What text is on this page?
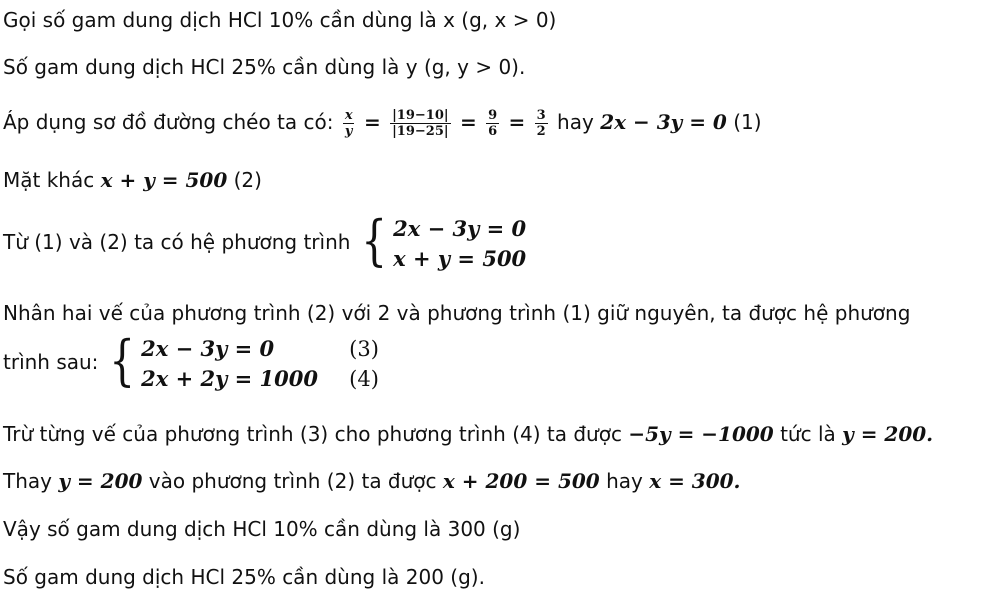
Gọi số gam dung dịch HCl 10% cần dùng là x (g, x > 0)
Số gam dung dịch HCl 25% cần dùng là y (g, y > 0).
Áp dụng sơ đồ đường chéo ta có: $\frac{x}{y} = \frac{|19-10|}{|19-25|} = \frac{9}{6} = \frac{3}{2}$ hay 2x − 3y = 0 (1)
Mặt khác x + y = 500 (2)
Từ (1) và (2) ta có hệ phương trình { 2x − 3y = 0
x + y = 500
Nhân hai vế của phương trình (2) với 2 và phương trình (1) giữ nguyên, ta được hệ phương
trình sau: { 2x − 3y = 0	(3)
2x + 2y = 1000 (4)
Trừ từng vế của phương trình (3) cho phương trình (4) ta được −5y = −1000 tức là y = 200.
Thay y = 200 vào phương trình (2) ta được x + 200 = 500 hay x = 300.
Vậy số gam dung dịch HCl 10% cần dùng là 300 (g)
Số gam dung dịch HCl 25% cần dùng là 200 (g).
